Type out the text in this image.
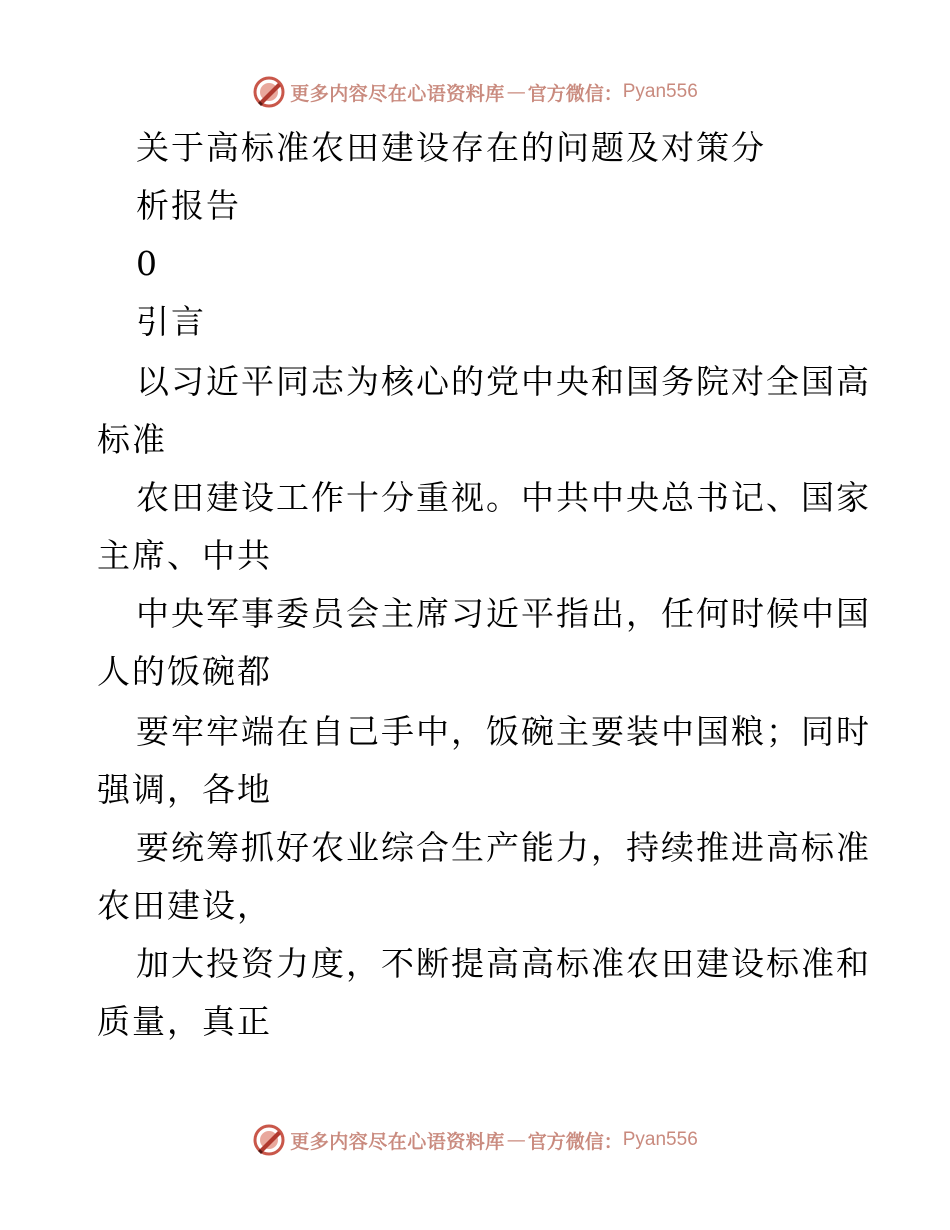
更多内容尽在心语资料库 — 官方微信： Pyan556
关于高标准农田建设存在的问题及对策分
析报告
0
引言
以习近平同志为核心的党中央和国务院对全国高
标准
农田建设工作十分重视。中共中央总书记、国家
主席、中共
中央军事委员会主席习近平指出，任何时候中国
人的饭碗都
要牢牢端在自己手中，饭碗主要装中国粮；同时
强调，各地
要统筹抓好农业综合生产能力，持续推进高标准
农田建设，
加大投资力度，不断提高高标准农田建设标准和
质量，真正
更多内容尽在心语资料库 — 官方微信： Pyan556
